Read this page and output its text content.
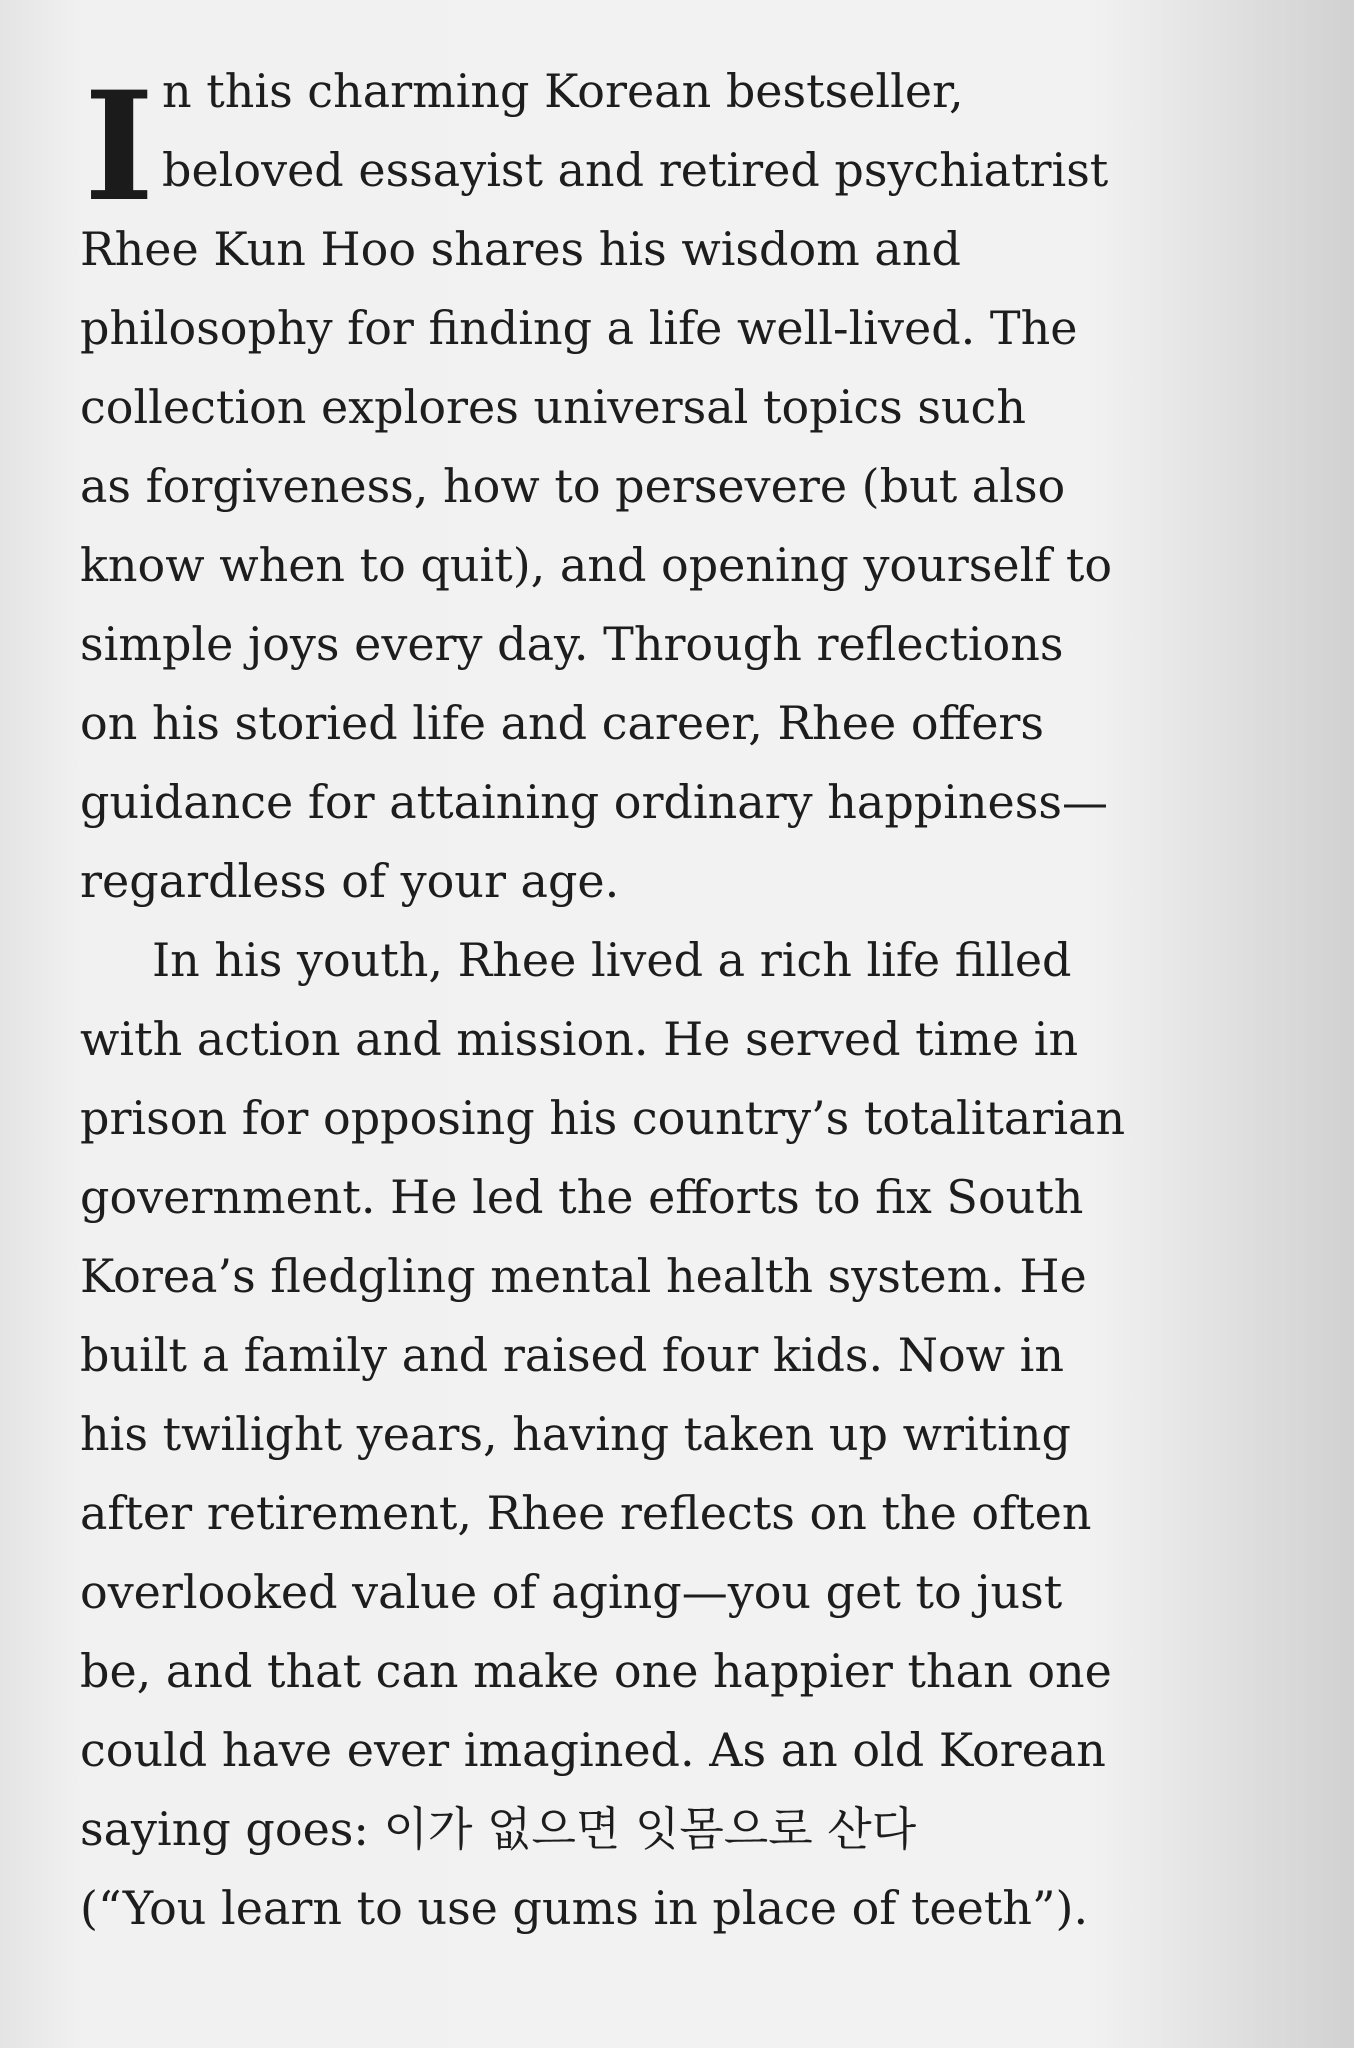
I n this charming Korean bestseller,
beloved essayist and retired psychiatrist
Rhee Kun Hoo shares his wisdom and
philosophy for finding a life well-lived. The
collection explores universal topics such
as forgiveness, how to persevere (but also
know when to quit), and opening yourself to
simple joys every day. Through reflections
on his storied life and career, Rhee offers
guidance for attaining ordinary happiness—
regardless of your age.
In his youth, Rhee lived a rich life filled
with action and mission. He served time in
prison for opposing his country’s totalitarian
government. He led the efforts to fix South
Korea’s fledgling mental health system. He
built a family and raised four kids. Now in
his twilight years, having taken up writing
after retirement, Rhee reflects on the often
overlooked value of aging—you get to just
be, and that can make one happier than one
could have ever imagined. As an old Korean
saying goes: 이가 없으면 잇몸으로 산다
(“You learn to use gums in place of teeth”).
